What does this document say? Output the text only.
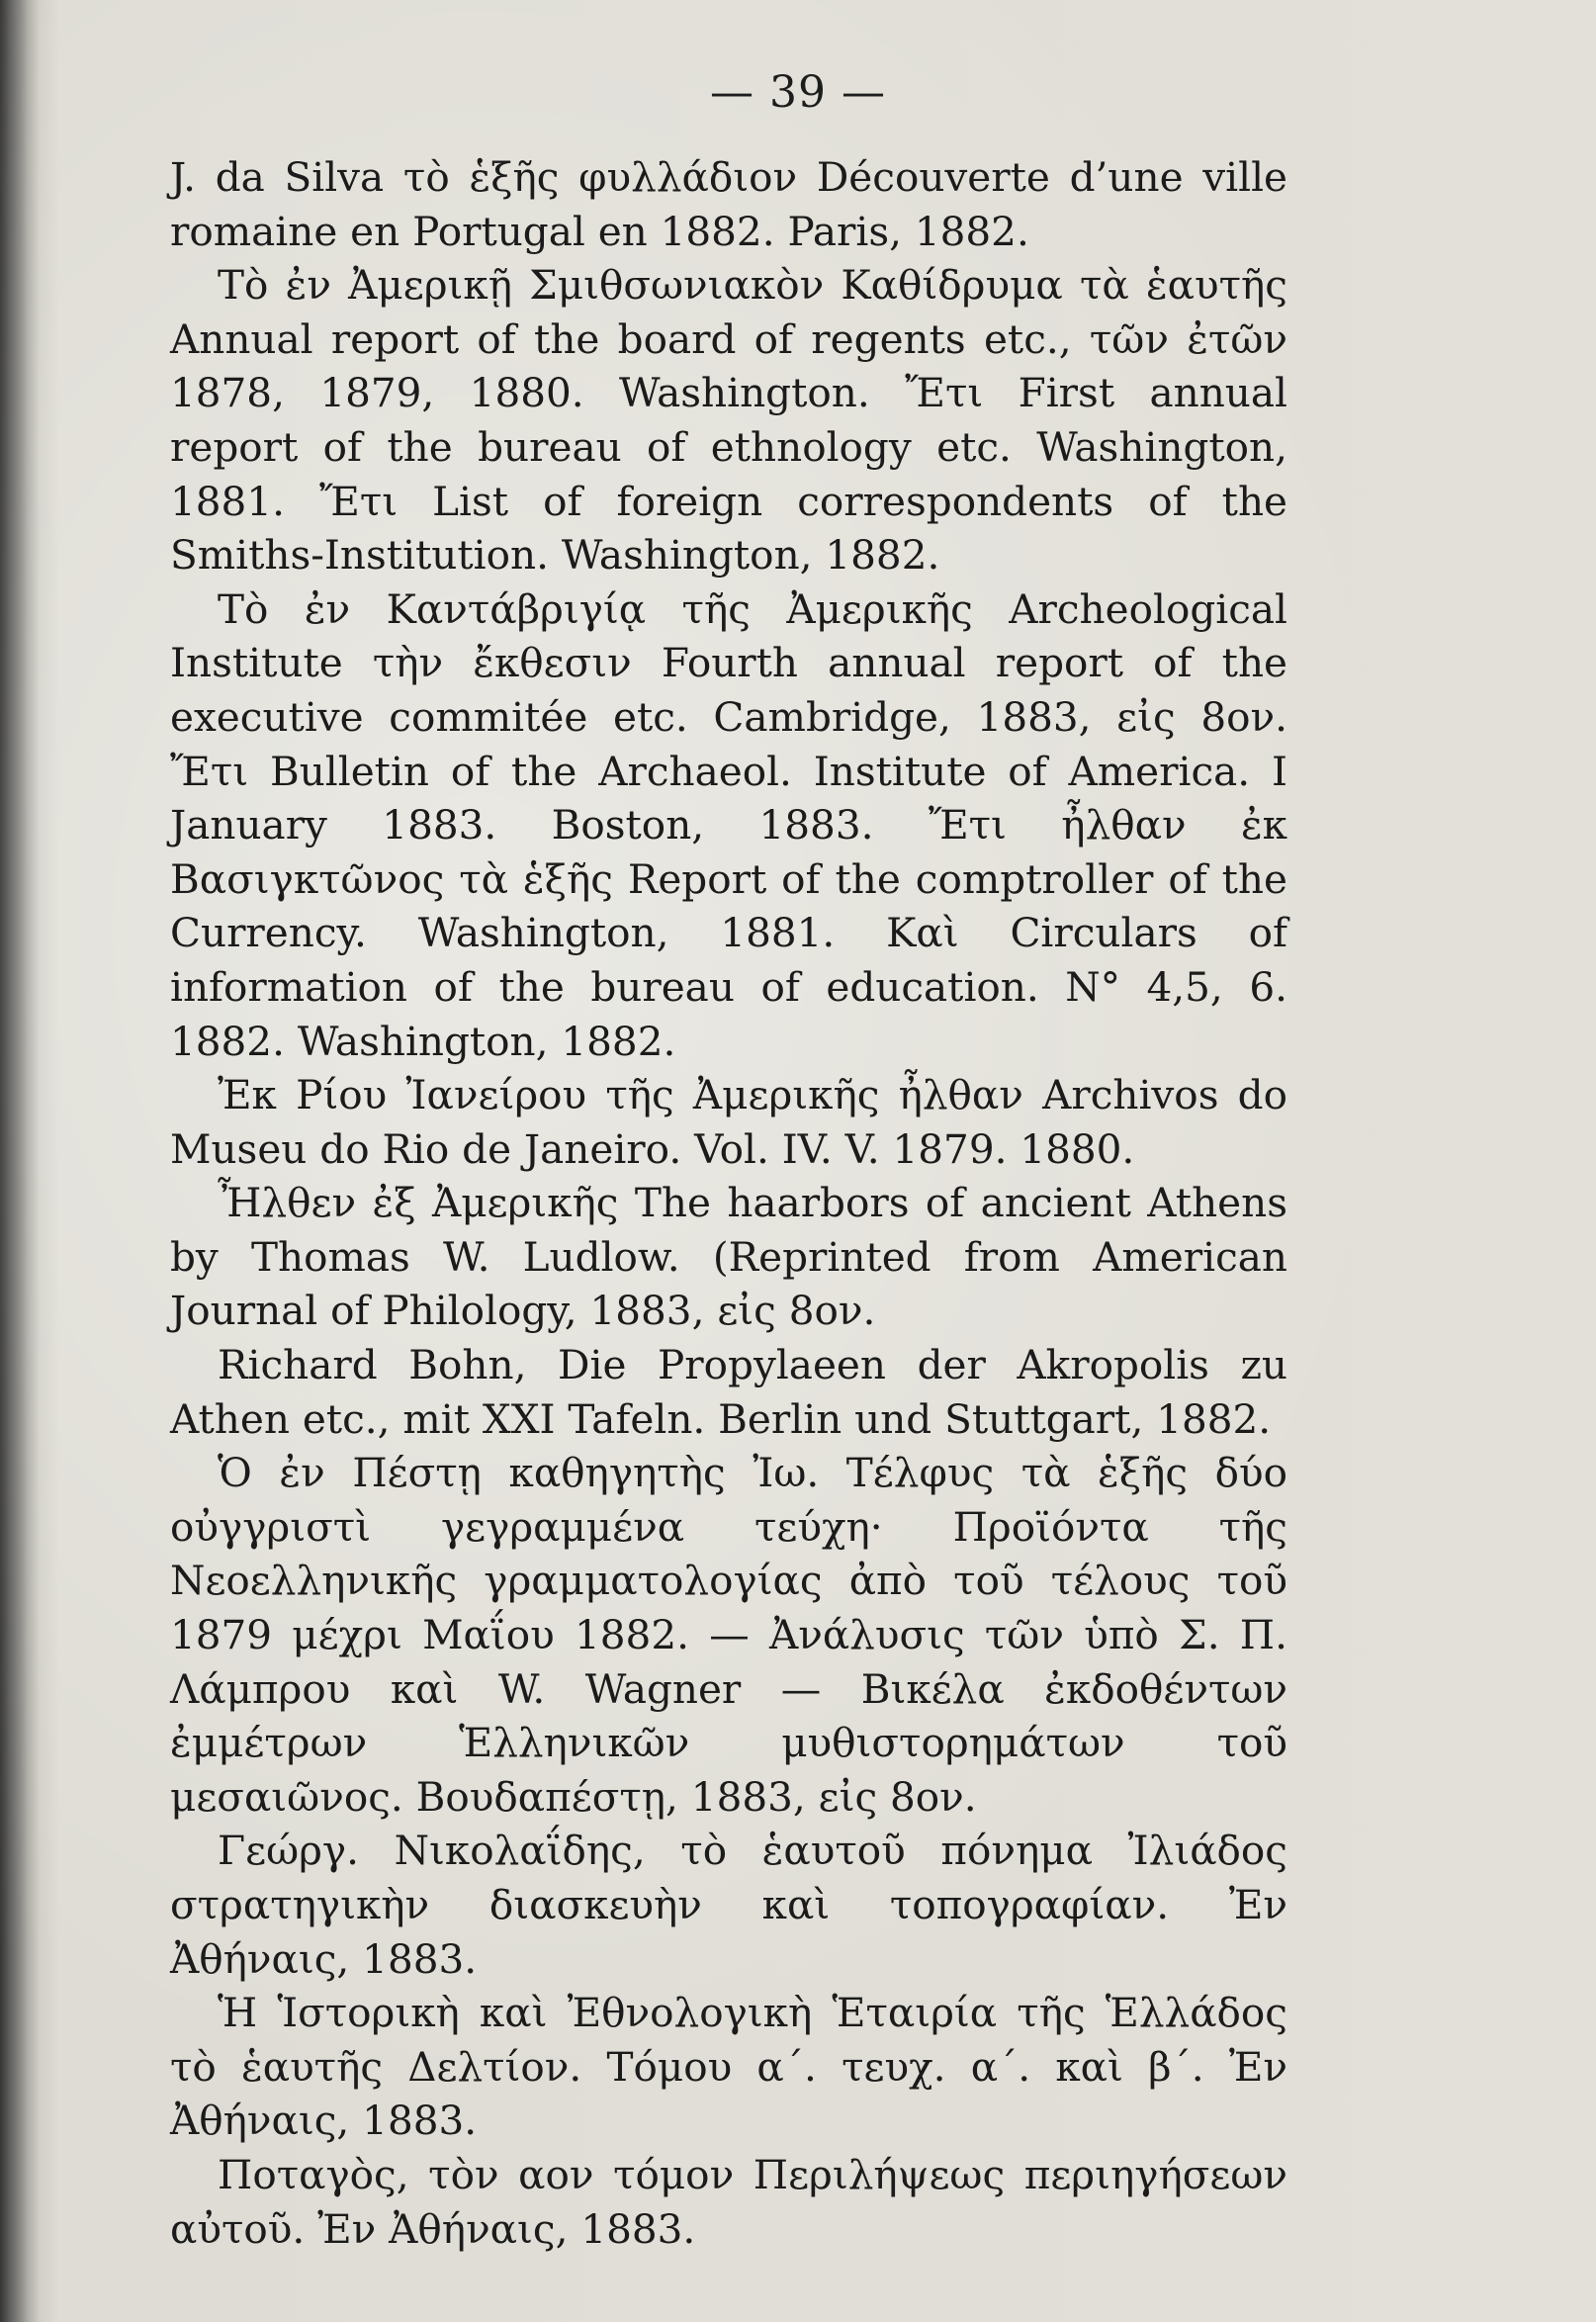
— 39 —

J. da Silva τὸ ἑξῆς φυλλάδιον Découverte d’une ville romaine en Portugal en 1882. Paris, 1882.

Τὸ ἐν Ἀμερικῇ Σμιθσωνιακὸν Καθίδρυμα τὰ ἑαυτῆς Annual report of the board of regents etc., τῶν ἐτῶν 1878, 1879, 1880. Washington. Ἔτι First annual report of the bureau of ethnology etc. Washington, 1881. Ἔτι List of foreign correspondents of the Smiths-Institution. Washington, 1882.

Τὸ ἐν Καντάβριγίᾳ τῆς Ἀμερικῆς Archeological Institute τὴν ἔκθεσιν Fourth annual report of the executive commitée etc. Cambridge, 1883, εἰς 8ον. Ἔτι Bulletin of the Archaeol. Institute of America. I January 1883. Boston, 1883. Ἔτι ἦλθαν ἐκ Βασιγκτῶνος τὰ ἑξῆς Report of the comptroller of the Currency. Washington, 1881. Καὶ Circulars of information of the bureau of education. N° 4,5, 6. 1882. Washington, 1882.

Ἐκ Ρίου Ἰανείρου τῆς Ἀμερικῆς ἦλθαν Archivos do Museu do Rio de Janeiro. Vol. IV. V. 1879. 1880.

Ἦλθεν ἐξ Ἀμερικῆς The haarbors of ancient Athens by Thomas W. Ludlow. (Reprinted from American Journal of Philology, 1883, εἰς 8ον.

Richard Bohn, Die Propylaeen der Akropolis zu Athen etc., mit XXI Tafeln. Berlin und Stuttgart, 1882.

Ὁ ἐν Πέστῃ καθηγητὴς Ἰω. Τέλφυς τὰ ἑξῆς δύο οὐγγριστὶ γεγραμμένα τεύχη· Προϊόντα τῆς Νεοελληνικῆς γραμματολογίας ἀπὸ τοῦ τέλους τοῦ 1879 μέχρι Μαΐου 1882. — Ἀνάλυσις τῶν ὑπὸ Σ. Π. Λάμπρου καὶ W. Wagner — Βικέλα ἐκδοθέντων ἐμμέτρων Ἑλληνικῶν μυθιστορημάτων τοῦ μεσαιῶνος. Βουδαπέστῃ, 1883, εἰς 8ον.

Γεώργ. Νικολαΐδης, τὸ ἑαυτοῦ πόνημα Ἰλιάδος στρατηγικὴν διασκευὴν καὶ τοπογραφίαν. Ἐν Ἀθήναις, 1883.

Ἡ Ἱστορικὴ καὶ Ἐθνολογικὴ Ἑταιρία τῆς Ἑλλάδος τὸ ἑαυτῆς Δελτίον. Τόμου α΄. τευχ. α΄. καὶ β΄. Ἐν Ἀθήναις, 1883.

Ποταγὸς, τὸν αον τόμον Περιλήψεως περιηγήσεων αὐτοῦ. Ἐν Ἀθήναις, 1883.
